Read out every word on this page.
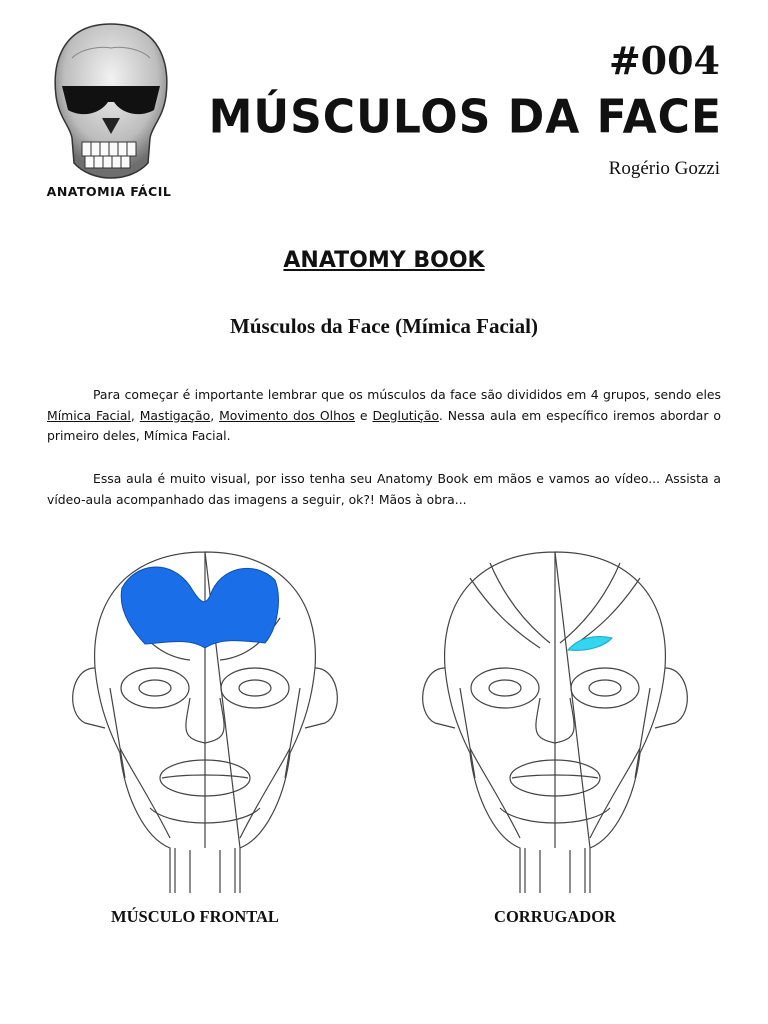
ANATOMIA FÁCIL
#004
MÚSCULOS DA FACE
Rogério Gozzi
ANATOMY BOOK
Músculos da Face (Mímica Facial)

Para começar é importante lembrar que os músculos da face são divididos em 4 grupos, sendo eles Mímica Facial, Mastigação, Movimento dos Olhos e Deglutição. Nessa aula em específico iremos abordar o primeiro deles, Mímica Facial.

Essa aula é muito visual, por isso tenha seu Anatomy Book em mãos e vamos ao vídeo... Assista a vídeo-aula acompanhado das imagens a seguir, ok?! Mãos à obra...

MÚSCULO FRONTAL	CORRUGADOR
